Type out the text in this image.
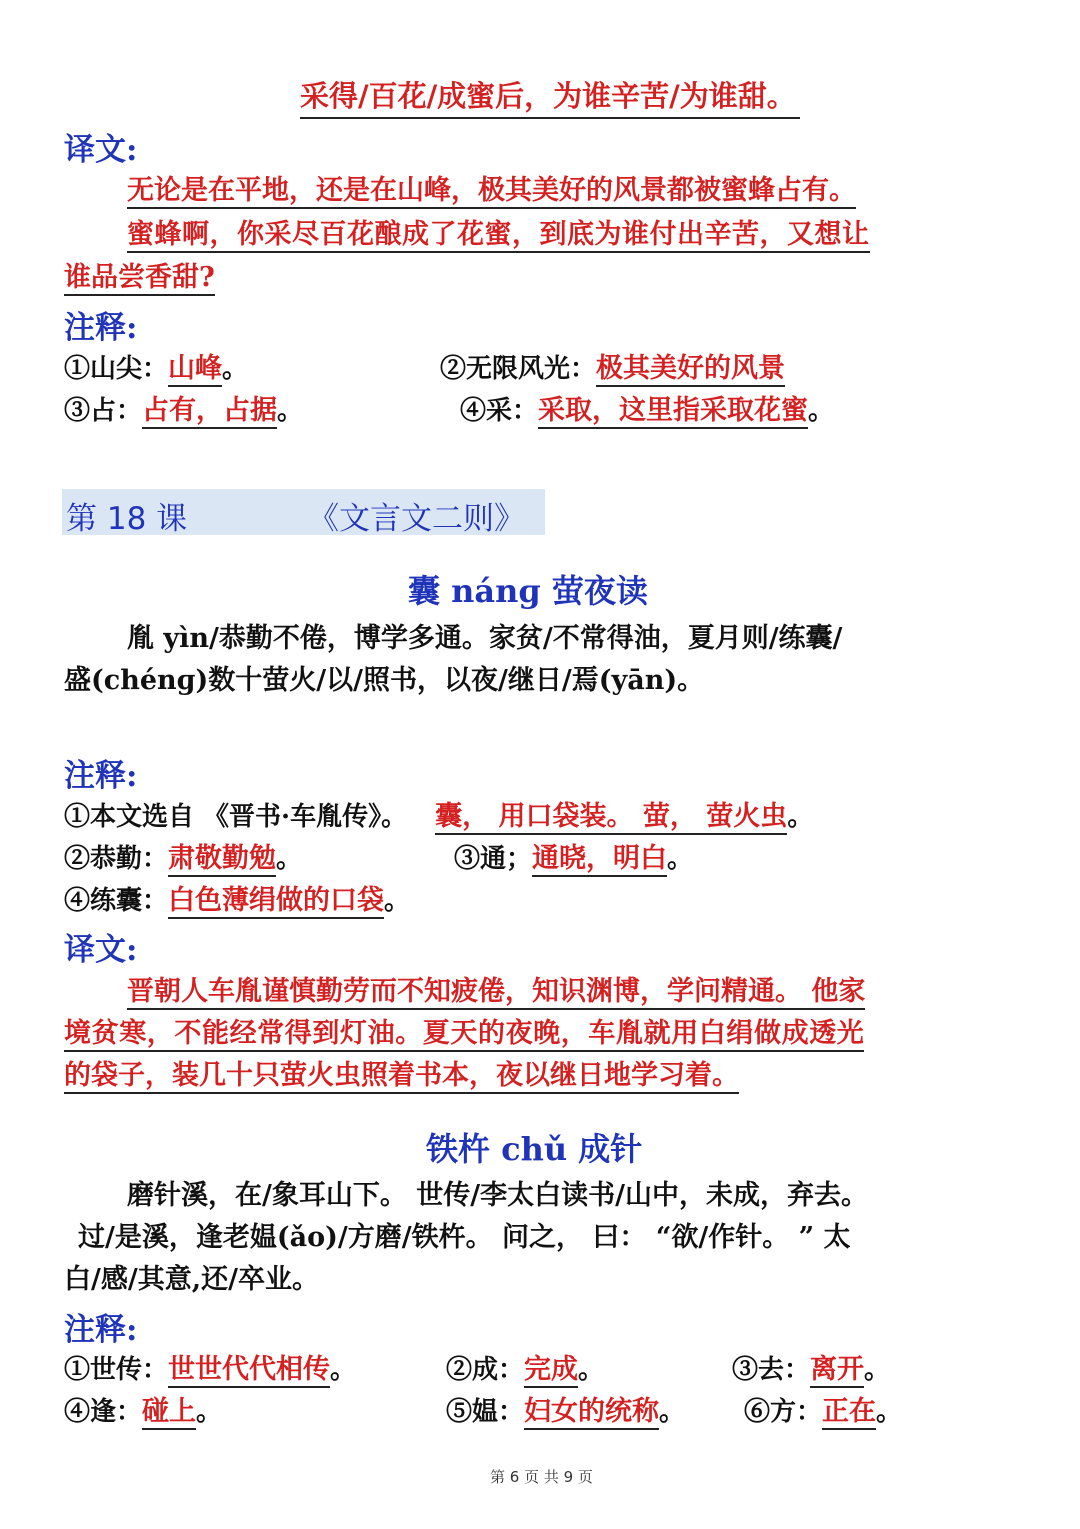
采得/百花/成蜜后，为谁辛苦/为谁甜。
译文:
无论是在平地，还是在山峰，极其美好的风景都被蜜蜂占有。
蜜蜂啊，你采尽百花酿成了花蜜，到底为谁付出辛苦，又想让
谁品尝香甜?
注释:
①山尖：山峰。	②无限风光：极其美好的风景
③占：占有，占据。	④采：采取，这里指采取花蜜。
第 18 课	《文言文二则》
囊 nánɡ 萤夜读
胤 yìn/恭勤不倦，博学多通。家贫/不常得油，夏月则/练囊/
盛(chénɡ)数十萤火/以/照书，以夜/继日/焉(yān)。
注释:
①本文选自 《晋书·车胤传》。 囊， 用口袋装。 萤， 萤火虫。
②恭勤：肃敬勤勉。	③通；通晓，明白。
④练囊：白色薄绢做的口袋。
译文:
晋朝人车胤谨慎勤劳而不知疲倦，知识渊博，学问精通。 他家
境贫寒，不能经常得到灯油。夏天的夜晚，车胤就用白绢做成透光
的袋子，装几十只萤火虫照着书本，夜以继日地学习着。
铁杵 chǔ 成针
磨针溪，在/象耳山下。 世传/李太白读书/山中，未成，弃去。
过/是溪，逢老媪(ǎo)/方磨/铁杵。 问之， 曰： “欲/作针。 ” 太
白/感/其意,还/卒业。
注释:
①世传：世世代代相传。	②成：完成。	③去：离开。
④逢：碰上。	⑤媪：妇女的统称。 ⑥方：正在。
第 6 页 共 9 页
